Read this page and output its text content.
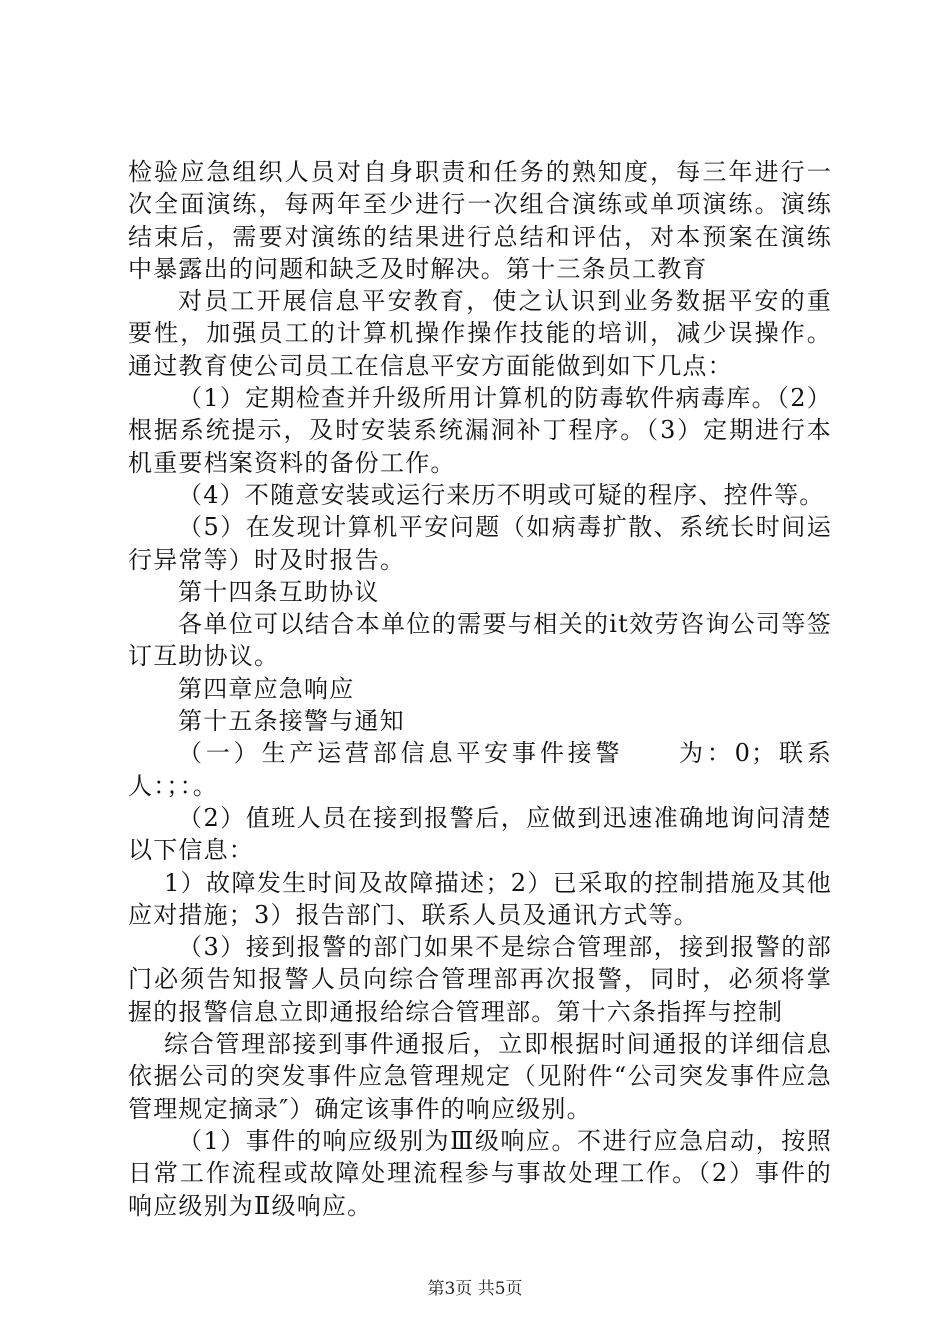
检验应急组织人员对自身职责和任务的熟知度，每三年进行一次全面演练，每两年至少进行一次组合演练或单项演练。演练结束后，需要对演练的结果进行总结和评估，对本预案在演练中暴露出的问题和缺乏及时解决。第十三条员工教育

对员工开展信息平安教育，使之认识到业务数据平安的重要性，加强员工的计算机操作操作技能的培训，减少误操作。通过教育使公司员工在信息平安方面能做到如下几点：

（1）定期检查并升级所用计算机的防毒软件病毒库。（2）根据系统提示，及时安装系统漏洞补丁程序。（3）定期进行本机重要档案资料的备份工作。

（4）不随意安装或运行来历不明或可疑的程序、控件等。

（5）在发现计算机平安问题（如病毒扩散、系统长时间运行异常等）时及时报告。

第十四条互助协议

各单位可以结合本单位的需要与相关的it效劳咨询公司等签订互助协议。

第四章应急响应

第十五条接警与通知

（一）生产运营部信息平安事件接警　　为：0；联系人：；：。

（2）值班人员在接到报警后，应做到迅速准确地询问清楚以下信息：

1）故障发生时间及故障描述；2）已采取的控制措施及其他应对措施；3）报告部门、联系人员及通讯方式等。

（3）接到报警的部门如果不是综合管理部，接到报警的部门必须告知报警人员向综合管理部再次报警，同时，必须将掌握的报警信息立即通报给综合管理部。第十六条指挥与控制

综合管理部接到事件通报后，立即根据时间通报的详细信息依据公司的突发事件应急管理规定（见附件“公司突发事件应急管理规定摘录″）确定该事件的响应级别。

（1）事件的响应级别为Ⅲ级响应。不进行应急启动，按照日常工作流程或故障处理流程参与事故处理工作。（2）事件的响应级别为Ⅱ级响应。

第3页 共5页
